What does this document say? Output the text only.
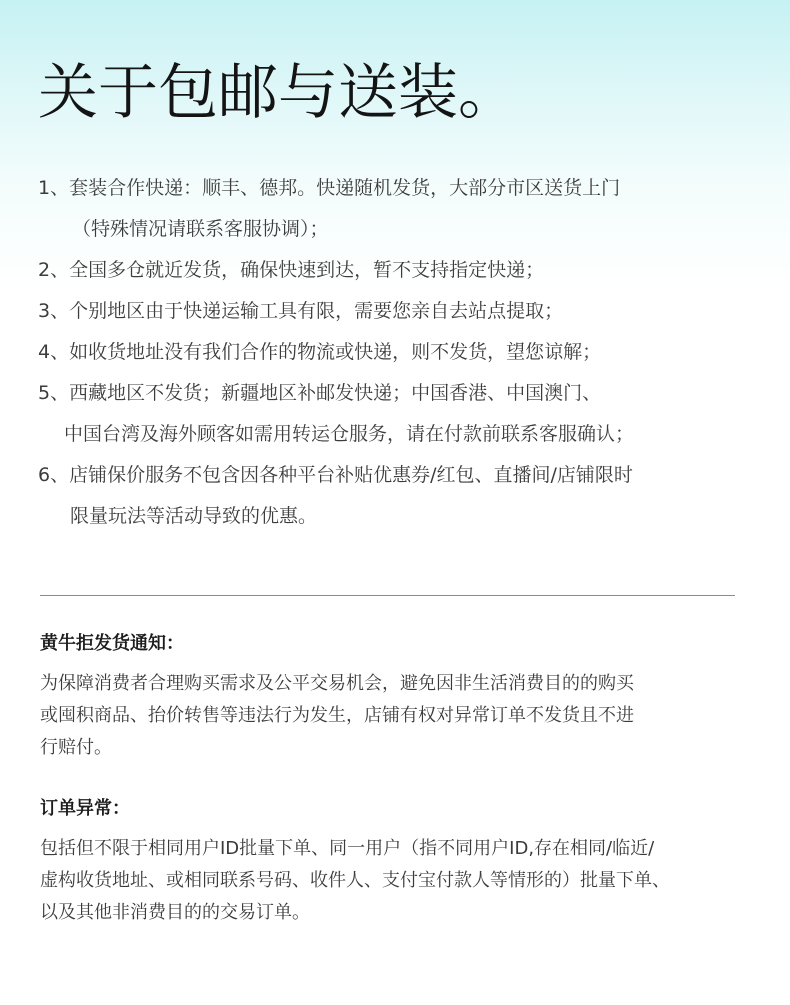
关于包邮与送装。
1、套装合作快递：顺丰、德邦。快递随机发货，大部分市区送货上门
（特殊情况请联系客服协调）；
2、全国多仓就近发货，确保快速到达，暂不支持指定快递；
3、个别地区由于快递运输工具有限，需要您亲自去站点提取；
4、如收货地址没有我们合作的物流或快递，则不发货，望您谅解；
5、西藏地区不发货；新疆地区补邮发快递；中国香港、中国澳门、
中国台湾及海外顾客如需用转运仓服务，请在付款前联系客服确认；
6、店铺保价服务不包含因各种平台补贴优惠券/红包、直播间/店铺限时
限量玩法等活动导致的优惠。
黄牛拒发货通知：
为保障消费者合理购买需求及公平交易机会，避免因非生活消费目的的购买
或囤积商品、抬价转售等违法行为发生，店铺有权对异常订单不发货且不进
行赔付。
订单异常：
包括但不限于相同用户ID批量下单、同一用户（指不同用户ID,存在相同/临近/
虚构收货地址、或相同联系号码、收件人、支付宝付款人等情形的）批量下单、
以及其他非消费目的的交易订单。
